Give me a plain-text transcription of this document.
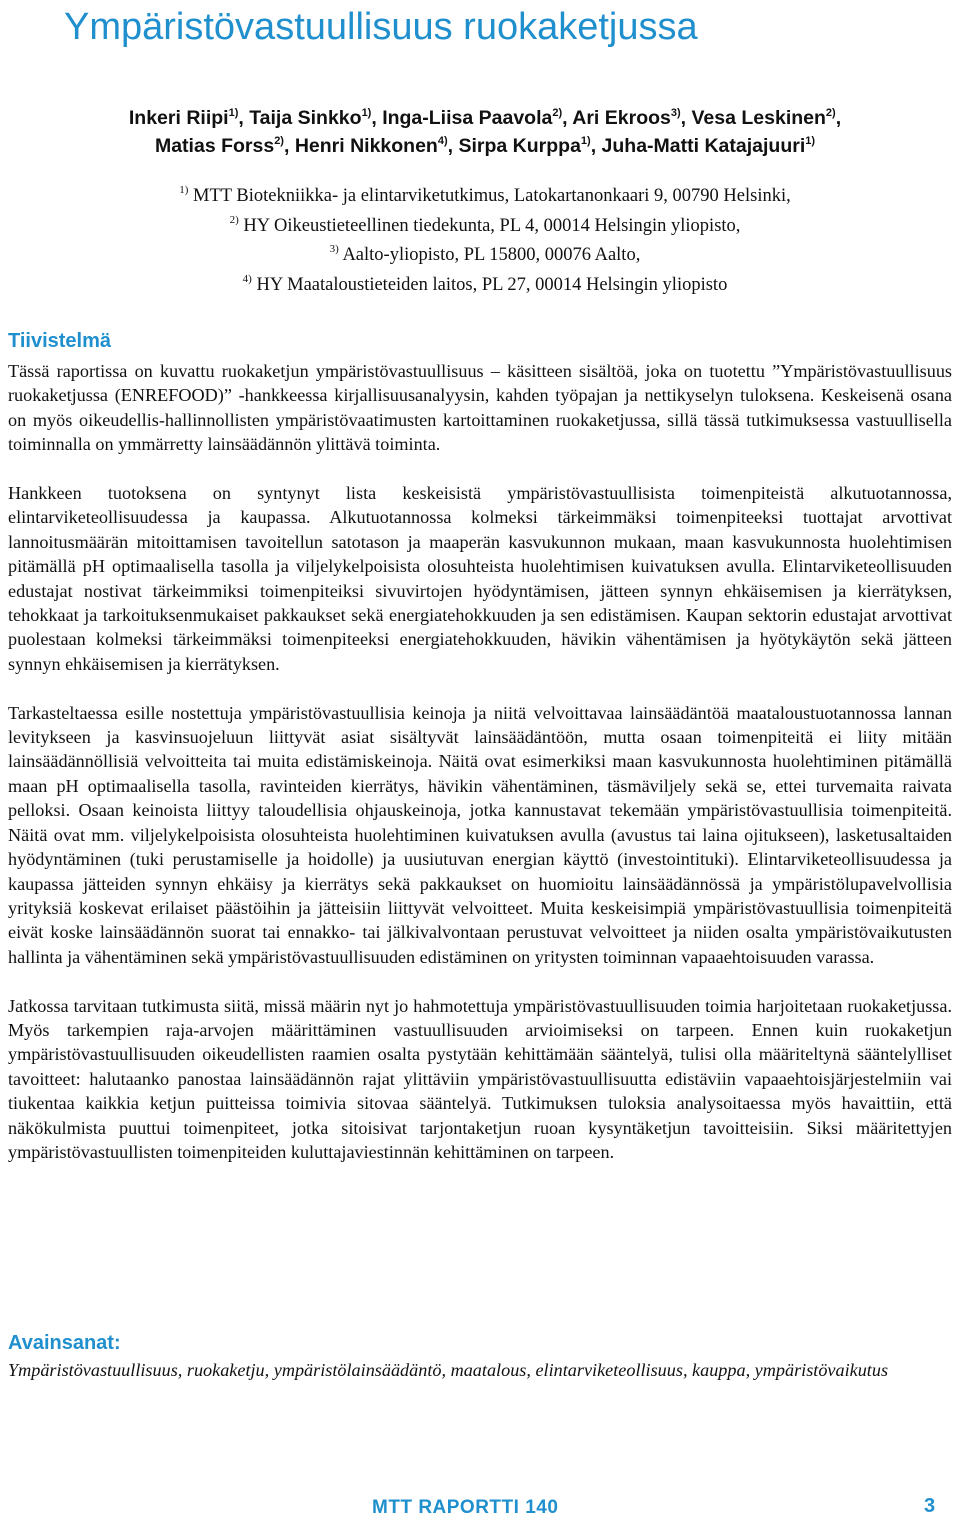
Ympäristövastuullisuus ruokaketjussa
Inkeri Riipi$^{1)}$, Taija Sinkko$^{1)}$, Inga-Liisa Paavola$^{2)}$, Ari Ekroos$^{3)}$, Vesa Leskinen$^{2)}$,
Matias Forss$^{2)}$, Henri Nikkonen$^{4)}$, Sirpa Kurppa$^{1)}$, Juha-Matti Katajajuuri$^{1)}$
$^{1)}$ MTT Biotekniikka- ja elintarviketutkimus, Latokartanonkaari 9, 00790 Helsinki,
$^{2)}$ HY Oikeustieteellinen tiedekunta, PL 4, 00014 Helsingin yliopisto,
$^{3)}$ Aalto-yliopisto, PL 15800, 00076 Aalto,
$^{4)}$ HY Maataloustieteiden laitos, PL 27, 00014 Helsingin yliopisto
Tiivistelmä

Tässä raportissa on kuvattu ruokaketjun ympäristövastuullisuus – käsitteen sisältöä, joka on tuotettu ”Ympäristövastuullisuus ruokaketjussa (ENREFOOD)” -hankkeessa kirjallisuusanalyysin, kahden työpajan ja nettikyselyn tuloksena. Keskeisenä osana on myös oikeudellis-hallinnollisten ympäristövaatimusten kartoittaminen ruokaketjussa, sillä tässä tutkimuksessa vastuullisella toiminnalla on ymmärretty lainsäädännön ylittävä toiminta.

Hankkeen tuotoksena on syntynyt lista keskeisistä ympäristövastuullisista toimenpiteistä alkutuotannossa, elintarviketeollisuudessa ja kaupassa. Alkutuotannossa kolmeksi tärkeimmäksi toimenpiteeksi tuottajat arvottivat lannoitusmäärän mitoittamisen tavoitellun satotason ja maaperän kasvukunnon mukaan, maan kasvukunnosta huolehtimisen pitämällä pH optimaalisella tasolla ja viljelykelpoisista olosuhteista huolehtimisen kuivatuksen avulla. Elintarviketeollisuuden edustajat nostivat tärkeimmiksi toimenpiteiksi sivuvirtojen hyödyntämisen, jätteen synnyn ehkäisemisen ja kierrätyksen, tehokkaat ja tarkoituksenmukaiset pakkaukset sekä energiatehokkuuden ja sen edistämisen. Kaupan sektorin edustajat arvottivat puolestaan kolmeksi tärkeimmäksi toimenpiteeksi energiatehokkuuden, hävikin vähentämisen ja hyötykäytön sekä jätteen synnyn ehkäisemisen ja kierrätyksen.

Tarkasteltaessa esille nostettuja ympäristövastuullisia keinoja ja niitä velvoittavaa lainsäädäntöä maataloustuotannossa lannan levitykseen ja kasvinsuojeluun liittyvät asiat sisältyvät lainsäädäntöön, mutta osaan toimenpiteitä ei liity mitään lainsäädännöllisiä velvoitteita tai muita edistämiskeinoja. Näitä ovat esimerkiksi maan kasvukunnosta huolehtiminen pitämällä maan pH optimaalisella tasolla, ravinteiden kierrätys, hävikin vähentäminen, täsmäviljely sekä se, ettei turvemaita raivata pelloksi. Osaan keinoista liittyy taloudellisia ohjauskeinoja, jotka kannustavat tekemään ympäristövastuullisia toimenpiteitä. Näitä ovat mm. viljelykelpoisista olosuhteista huolehtiminen kuivatuksen avulla (avustus tai laina ojitukseen), lasketusaltaiden hyödyntäminen (tuki perustamiselle ja hoidolle) ja uusiutuvan energian käyttö (investointituki). Elintarviketeollisuudessa ja kaupassa jätteiden synnyn ehkäisy ja kierrätys sekä pakkaukset on huomioitu lainsäädännössä ja ympäristölupavelvollisia yrityksiä koskevat erilaiset päästöihin ja jätteisiin liittyvät velvoitteet. Muita keskeisimpiä ympäristövastuullisia toimenpiteitä eivät koske lainsäädännön suorat tai ennakko- tai jälkivalvontaan perustuvat velvoitteet ja niiden osalta ympäristövaikutusten hallinta ja vähentäminen sekä ympäristövastuullisuuden edistäminen on yritysten toiminnan vapaaehtoisuuden varassa.

Jatkossa tarvitaan tutkimusta siitä, missä määrin nyt jo hahmotettuja ympäristövastuullisuuden toimia harjoitetaan ruokaketjussa. Myös tarkempien raja-arvojen määrittäminen vastuullisuuden arvioimiseksi on tarpeen. Ennen kuin ruokaketjun ympäristövastuullisuuden oikeudellisten raamien osalta pystytään kehittämään sääntelyä, tulisi olla määriteltynä sääntelylliset tavoitteet: halutaanko panostaa lainsäädännön rajat ylittäviin ympäristövastuullisuutta edistäviin vapaaehtoisjärjestelmiin vai tiukentaa kaikkia ketjun puitteissa toimivia sitovaa sääntelyä. Tutkimuksen tuloksia analysoitaessa myös havaittiin, että näkökulmista puuttui toimenpiteet, jotka sitoisivat tarjontaketjun ruoan kysyntäketjun tavoitteisiin. Siksi määritettyjen ympäristövastuullisten toimenpiteiden kuluttajaviestinnän kehittäminen on tarpeen.

Avainsanat:
Ympäristövastuullisuus, ruokaketju, ympäristölainsäädäntö, maatalous, elintarviketeollisuus, kauppa, ympäristövaikutus
MTT RAPORTTI 140	3
